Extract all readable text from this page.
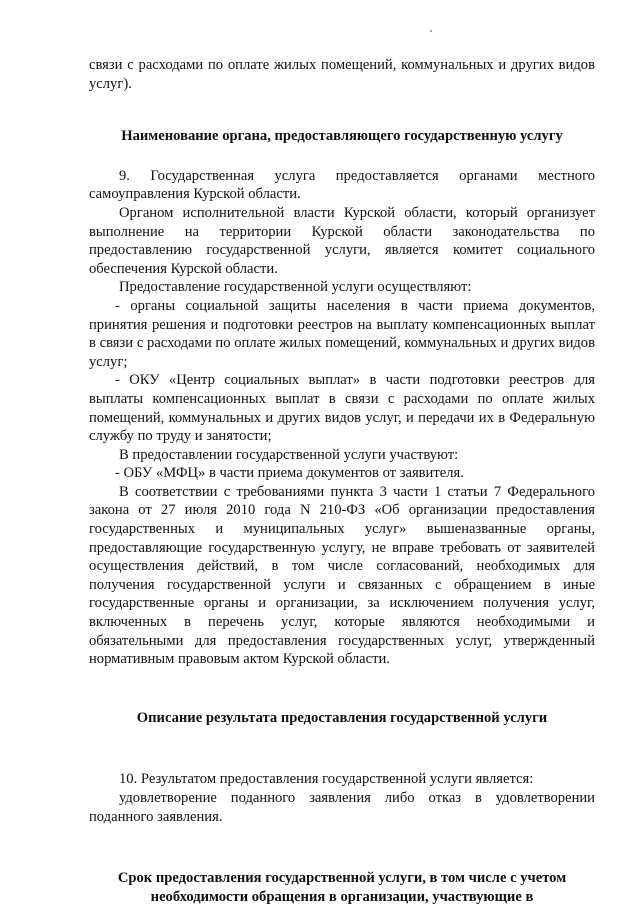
связи с расходами по оплате жилых помещений, коммунальных и других видов услуг).

Наименование органа, предоставляющего государственную услугу

9. Государственная услуга предоставляется органами местного самоуправления Курской области.

Органом исполнительной власти Курской области, который организует выполнение на территории Курской области законодательства по предоставлению государственной услуги, является комитет социального обеспечения Курской области.

Предоставление государственной услуги осуществляют:

- органы социальной защиты населения в части приема документов, принятия решения и подготовки реестров на выплату компенсационных выплат в связи с расходами по оплате жилых помещений, коммунальных и других видов услуг;

- ОКУ «Центр социальных выплат» в части подготовки реестров для выплаты компенсационных выплат в связи с расходами по оплате жилых помещений, коммунальных и других видов услуг, и передачи их в Федеральную службу по труду и занятости;

В предоставлении государственной услуги участвуют:

- ОБУ «МФЦ» в части приема документов от заявителя.

В соответствии с требованиями пункта 3 части 1 статьи 7 Федерального закона от 27 июля 2010 года N 210-ФЗ «Об организации предоставления государственных и муниципальных услуг» вышеназванные органы, предоставляющие государственную услугу, не вправе требовать от заявителей осуществления действий, в том числе согласований, необходимых для получения государственной услуги и связанных с обращением в иные государственные органы и организации, за исключением получения услуг, включенных в перечень услуг, которые являются необходимыми и обязательными для предоставления государственных услуг, утвержденный нормативным правовым актом Курской области.

Описание результата предоставления государственной услуги

10. Результатом предоставления государственной услуги является:

удовлетворение поданного заявления либо отказ в удовлетворении поданного заявления.

Срок предоставления государственной услуги, в том числе с учетом

необходимости обращения в организации, участвующие в
